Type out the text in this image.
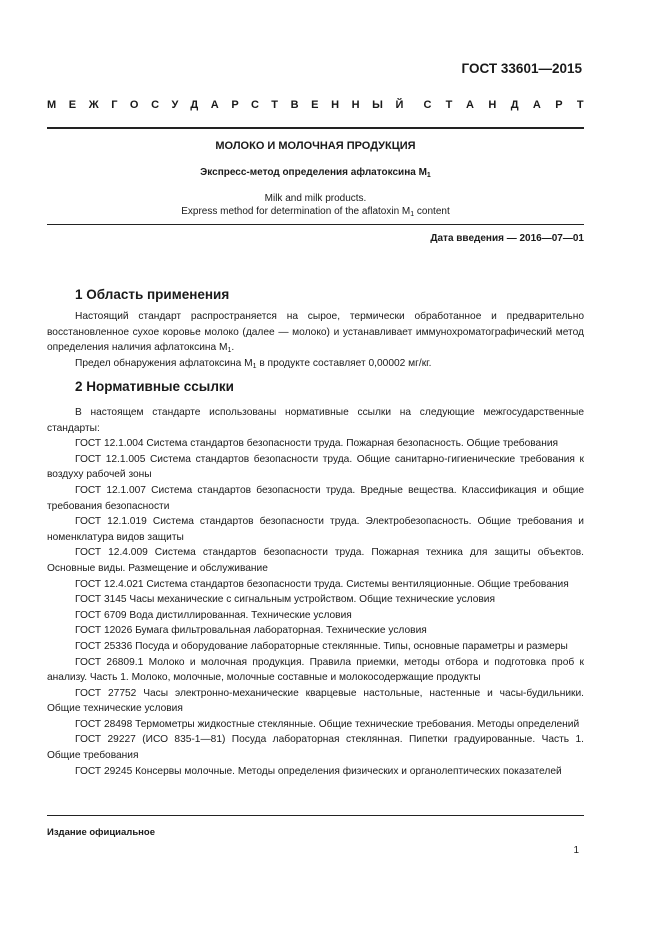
ГОСТ 33601—2015
МЕЖГОСУДАРСТВЕННЫЙ СТАНДАРТ
МОЛОКО И МОЛОЧНАЯ ПРОДУКЦИЯ
Экспресс-метод определения афлатоксина $M_1$
Milk and milk products.
Express method for determination of the aflatoxin $M_1$ content
Дата введения — 2016—07—01
1 Область применения

Настоящий стандарт распространяется на сырое, термически обработанное и предварительно восстановленное сухое коровье молоко (далее — молоко) и устанавливает иммунохроматографический метод определения наличия афлатоксина $M_1$.

Предел обнаружения афлатоксина $M_1$ в продукте составляет 0,00002 мг/кг.

2 Нормативные ссылки

В настоящем стандарте использованы нормативные ссылки на следующие межгосударственные стандарты:

ГОСТ 12.1.004 Система стандартов безопасности труда. Пожарная безопасность. Общие требования

ГОСТ 12.1.005 Система стандартов безопасности труда. Общие санитарно-гигиенические требования к воздуху рабочей зоны

ГОСТ 12.1.007 Система стандартов безопасности труда. Вредные вещества. Классификация и общие требования безопасности

ГОСТ 12.1.019 Система стандартов безопасности труда. Электробезопасность. Общие требования и номенклатура видов защиты

ГОСТ 12.4.009 Система стандартов безопасности труда. Пожарная техника для защиты объектов. Основные виды. Размещение и обслуживание

ГОСТ 12.4.021 Система стандартов безопасности труда. Системы вентиляционные. Общие требования

ГОСТ 3145 Часы механические с сигнальным устройством. Общие технические условия

ГОСТ 6709 Вода дистиллированная. Технические условия

ГОСТ 12026 Бумага фильтровальная лабораторная. Технические условия

ГОСТ 25336 Посуда и оборудование лабораторные стеклянные. Типы, основные параметры и размеры

ГОСТ 26809.1 Молоко и молочная продукция. Правила приемки, методы отбора и подготовка проб к анализу. Часть 1. Молоко, молочные, молочные составные и молокосодержащие продукты

ГОСТ 27752 Часы электронно-механические кварцевые настольные, настенные и часы-будильники. Общие технические условия

ГОСТ 28498 Термометры жидкостные стеклянные. Общие технические требования. Методы определений

ГОСТ 29227 (ИСО 835-1—81) Посуда лабораторная стеклянная. Пипетки градуированные. Часть 1. Общие требования

ГОСТ 29245 Консервы молочные. Методы определения физических и органолептических показателей

Издание официальное
1
